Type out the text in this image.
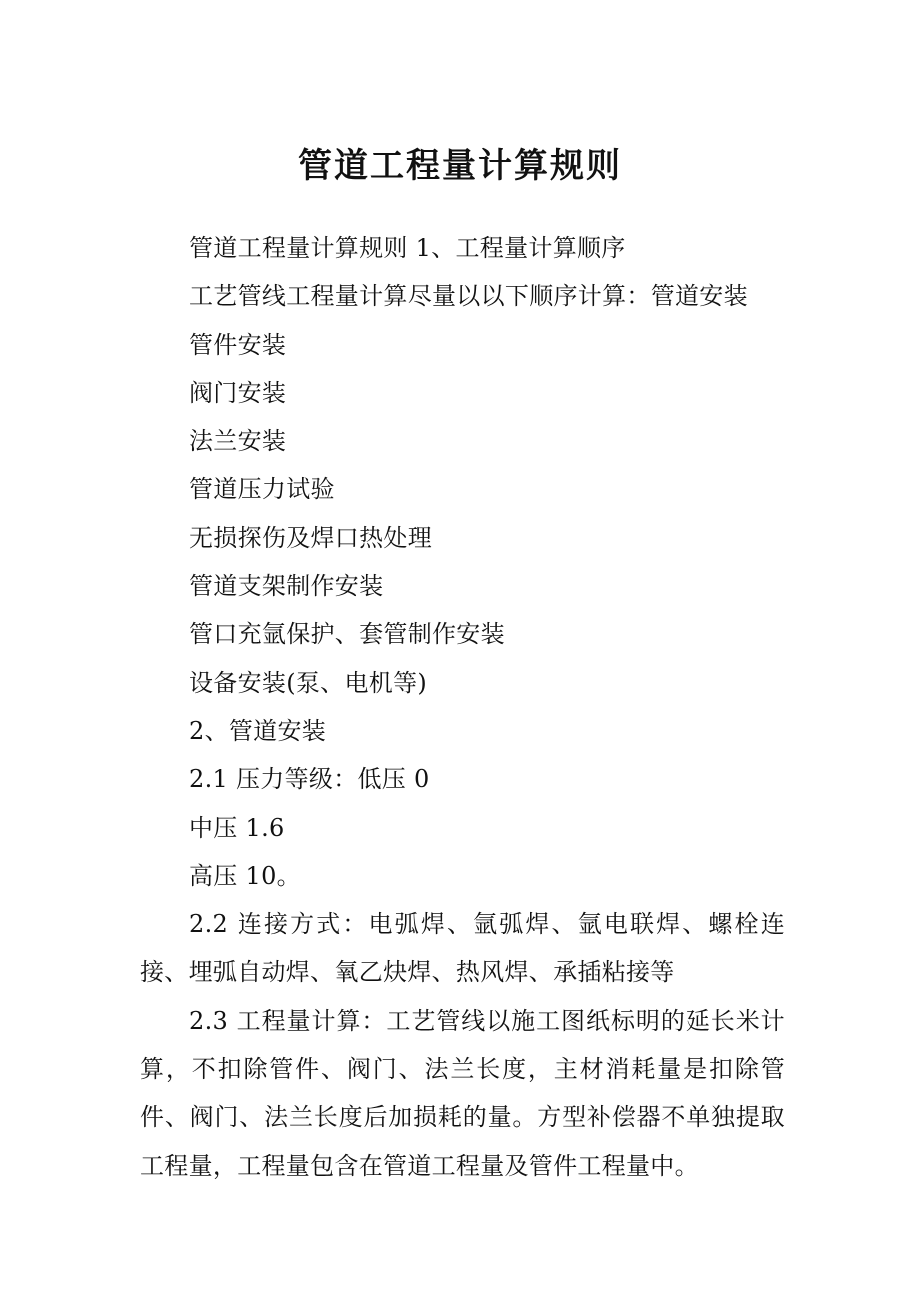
管道工程量计算规则

管道工程量计算规则 1、工程量计算顺序

工艺管线工程量计算尽量以以下顺序计算：管道安装

管件安装

阀门安装

法兰安装

管道压力试验

无损探伤及焊口热处理

管道支架制作安装

管口充氩保护、套管制作安装

设备安装(泵、电机等)

2、管道安装

2.1 压力等级：低压 0

中压 1.6

高压 10。

2.2 连接方式：电弧焊、氩弧焊、氩电联焊、螺栓连接、埋弧自动焊、氧乙炔焊、热风焊、承插粘接等

2.3 工程量计算：工艺管线以施工图纸标明的延长米计算，不扣除管件、阀门、法兰长度，主材消耗量是扣除管件、阀门、法兰长度后加损耗的量。方型补偿器不单独提取工程量，工程量包含在管道工程量及管件工程量中。
